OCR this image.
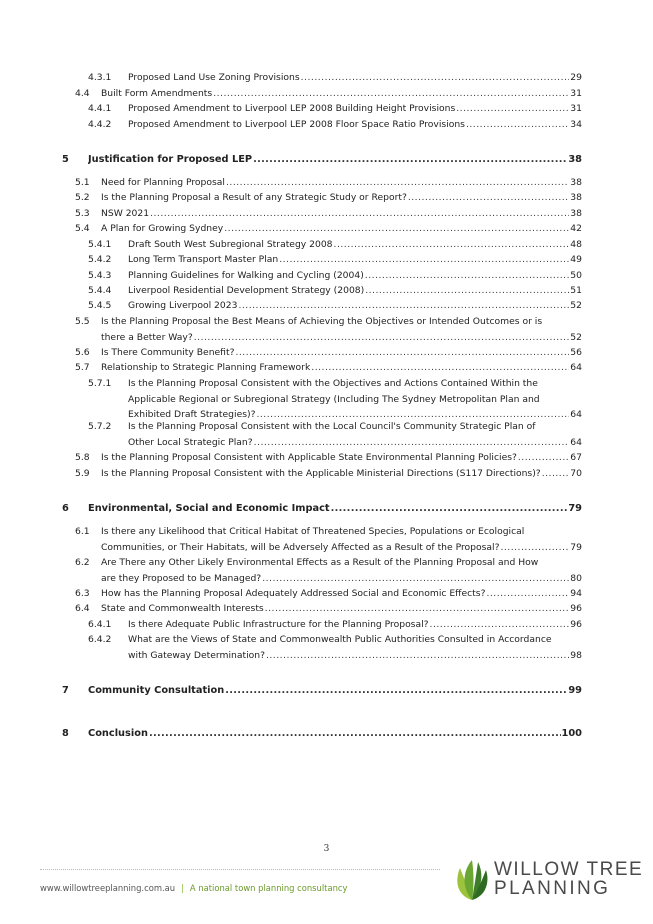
4.3.1 Proposed Land Use Zoning Provisions .....	29
4.4 Built Form Amendments .....	31
4.4.1 Proposed Amendment to Liverpool LEP 2008 Building Height Provisions .....	31
4.4.2 Proposed Amendment to Liverpool LEP 2008 Floor Space Ratio Provisions .....	34
5 Justification for Proposed LEP .....	38
5.1 Need for Planning Proposal .....	38
5.2 Is the Planning Proposal a Result of any Strategic Study or Report? .....	38
5.3 NSW 2021 .....	38
5.4 A Plan for Growing Sydney .....	42
5.4.1 Draft South West Subregional Strategy 2008 .....	48
5.4.2 Long Term Transport Master Plan .....	49
5.4.3 Planning Guidelines for Walking and Cycling (2004) .....	50
5.4.4 Liverpool Residential Development Strategy (2008) .....	51
5.4.5 Growing Liverpool 2023 .....	52
5.5 Is the Planning Proposal the Best Means of Achieving the Objectives or Intended Outcomes or is
there a Better Way? .....	52
5.6 Is There Community Benefit? .....	56
5.7 Relationship to Strategic Planning Framework .....	64
5.7.1 Is the Planning Proposal Consistent with the Objectives and Actions Contained Within the
Applicable Regional or Subregional Strategy (Including The Sydney Metropolitan Plan and
Exhibited Draft Strategies)? .....	64
5.7.2 Is the Planning Proposal Consistent with the Local Council's Community Strategic Plan of
Other Local Strategic Plan? .....	64
5.8 Is the Planning Proposal Consistent with Applicable State Environmental Planning Policies? .....	67
5.9 Is the Planning Proposal Consistent with the Applicable Ministerial Directions (S117 Directions)? .....	70
6 Environmental, Social and Economic Impact .....	79
6.1 Is there any Likelihood that Critical Habitat of Threatened Species, Populations or Ecological
Communities, or Their Habitats, will be Adversely Affected as a Result of the Proposal? .....	79
6.2 Are There any Other Likely Environmental Effects as a Result of the Planning Proposal and How
are they Proposed to be Managed? .....	80
6.3 How has the Planning Proposal Adequately Addressed Social and Economic Effects? .....	94
6.4 State and Commonwealth Interests .....	96
6.4.1 Is there Adequate Public Infrastructure for the Planning Proposal? .....	96
6.4.2 What are the Views of State and Commonwealth Public Authorities Consulted in Accordance
with Gateway Determination? .....	98
7 Community Consultation .....	99
8 Conclusion .....	100
3
www.willowtreeplanning.com.au | A national town planning consultancy
WILLOW TREE
PLANNING
